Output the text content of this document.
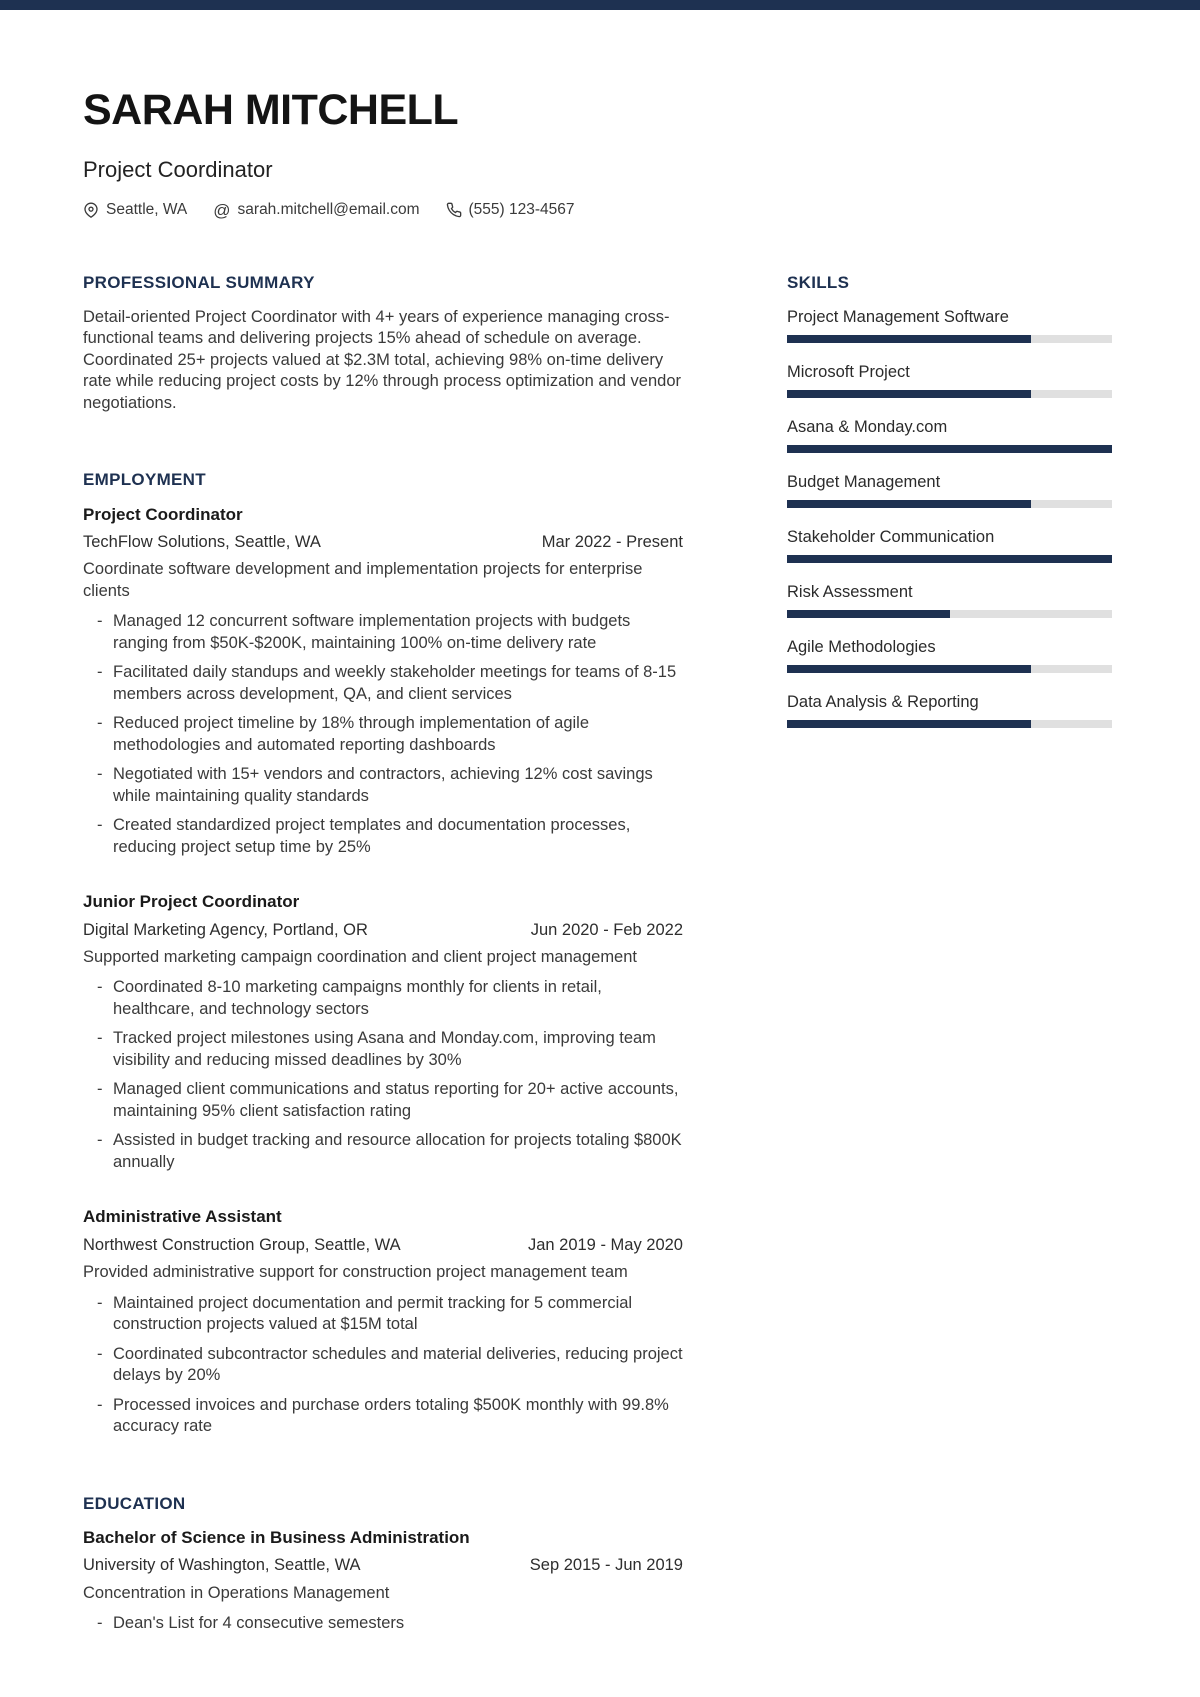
SARAH MITCHELL
Project Coordinator
Seattle, WA @ sarah.mitchell@email.com	(555) 123-4567
PROFESSIONAL SUMMARY

Detail-oriented Project Coordinator with 4+ years of experience managing cross-functional teams and delivering projects 15% ahead of schedule on average. Coordinated 25+ projects valued at $2.3M total, achieving 98% on-time delivery rate while reducing project costs by 12% through process optimization and vendor negotiations.

EMPLOYMENT
Project Coordinator
TechFlow Solutions, Seattle, WA	Mar 2022 - Present
Coordinate software development and implementation projects for enterprise clients
- Managed 12 concurrent software implementation projects with budgets ranging from $50K-$200K, maintaining 100% on-time delivery rate
- Facilitated daily standups and weekly stakeholder meetings for teams of 8-15 members across development, QA, and client services
- Reduced project timeline by 18% through implementation of agile methodologies and automated reporting dashboards
- Negotiated with 15+ vendors and contractors, achieving 12% cost savings while maintaining quality standards
- Created standardized project templates and documentation processes, reducing project setup time by 25%
Junior Project Coordinator
Digital Marketing Agency, Portland, OR	Jun 2020 - Feb 2022
Supported marketing campaign coordination and client project management
- Coordinated 8-10 marketing campaigns monthly for clients in retail, healthcare, and technology sectors
- Tracked project milestones using Asana and Monday.com, improving team visibility and reducing missed deadlines by 30%
- Managed client communications and status reporting for 20+ active accounts, maintaining 95% client satisfaction rating
- Assisted in budget tracking and resource allocation for projects totaling $800K annually
Administrative Assistant
Northwest Construction Group, Seattle, WA	Jan 2019 - May 2020
Provided administrative support for construction project management team
- Maintained project documentation and permit tracking for 5 commercial construction projects valued at $15M total
- Coordinated subcontractor schedules and material deliveries, reducing project delays by 20%
- Processed invoices and purchase orders totaling $500K monthly with 99.8% accuracy rate
EDUCATION
Bachelor of Science in Business Administration
University of Washington, Seattle, WA	Sep 2015 - Jun 2019
Concentration in Operations Management
- Dean's List for 4 consecutive semesters
SKILLS
Project Management Software
Microsoft Project
Asana & Monday.com
Budget Management
Stakeholder Communication
Risk Assessment
Agile Methodologies
Data Analysis & Reporting
